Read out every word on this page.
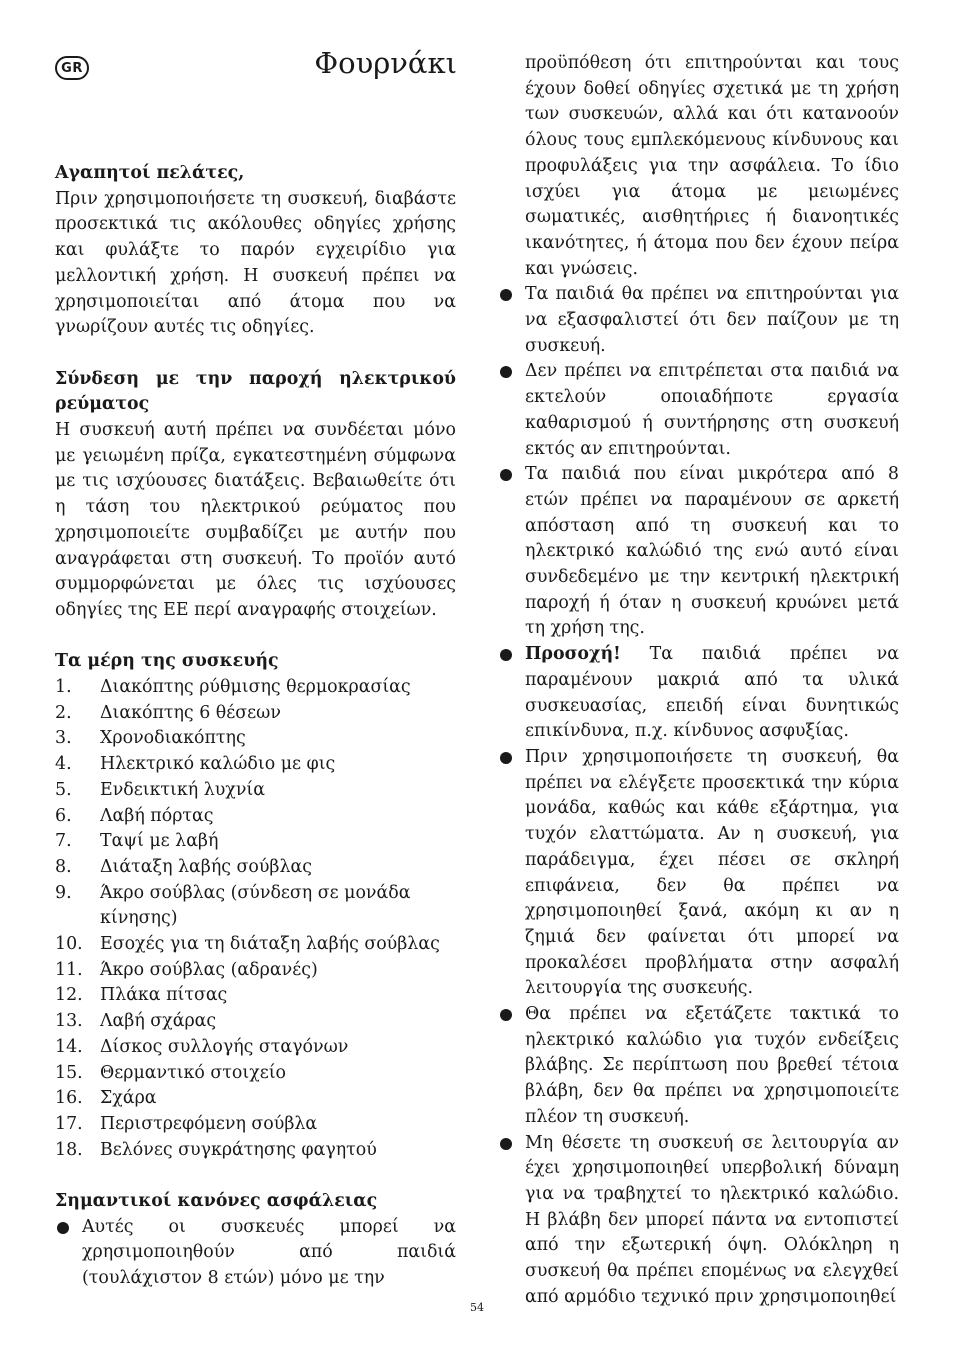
GR	Φουρνάκι

Αγαπητοί πελάτες,

Πριν χρησιμοποιήσετε τη συσκευή, διαβάστε προσεκτικά τις ακόλουθες οδηγίες χρήσης και φυλάξτε το παρόν εγχειρίδιο για μελλοντική χρήση. Η συσκευή πρέπει να χρησιμοποιείται από άτομα που να γνωρίζουν αυτές τις οδηγίες.

Σύνδεση με την παροχή ηλεκτρικού ρεύματος

Η συσκευή αυτή πρέπει να συνδέεται μόνο με γειωμένη πρίζα, εγκατεστημένη σύμφωνα με τις ισχύουσες διατάξεις. Βεβαιωθείτε ότι η τάση του ηλεκτρικού ρεύματος που χρησιμοποιείτε συμβαδίζει με αυτήν που αναγράφεται στη συσκευή. Το προϊόν αυτό συμμορφώνεται με όλες τις ισχύουσες οδηγίες της ΕΕ περί αναγραφής στοιχείων.

Τα μέρη της συσκευής

1.	Διακόπτης ρύθμισης θερμοκρασίας
2.	Διακόπτης 6 θέσεων
3.	Χρονοδιακόπτης
4.	Ηλεκτρικό καλώδιο με φις
5.	Ενδεικτική λυχνία
6.	Λαβή πόρτας
7.	Ταψί με λαβή
8.	Διάταξη λαβής σούβλας
9.	Άκρο σούβλας (σύνδεση σε μονάδα κίνησης)
10. Εσοχές για τη διάταξη λαβής σούβλας
11. Άκρο σούβλας (αδρανές)
12. Πλάκα πίτσας
13. Λαβή σχάρας
14. Δίσκος συλλογής σταγόνων
15. Θερμαντικό στοιχείο
16. Σχάρα
17. Περιστρεφόμενη σούβλα
18. Βελόνες συγκράτησης φαγητού

Σημαντικοί κανόνες ασφάλειας

Αυτές οι συσκευές μπορεί να χρησιμοποιηθούν από παιδιά (τουλάχιστον 8 ετών) μόνο με την
προϋπόθεση ότι επιτηρούνται και τους έχουν δοθεί οδηγίες σχετικά με τη χρήση των συσκευών, αλλά και ότι κατανοούν όλους τους εμπλεκόμενους κίνδυνους και προφυλάξεις για την ασφάλεια. Το ίδιο ισχύει για άτομα με μειωμένες σωματικές, αισθητήριες ή διανοητικές ικανότητες, ή άτομα που δεν έχουν πείρα και γνώσεις.
Τα παιδιά θα πρέπει να επιτηρούνται για να εξασφαλιστεί ότι δεν παίζουν με τη συσκευή.
Δεν πρέπει να επιτρέπεται στα παιδιά να εκτελούν οποιαδήποτε εργασία καθαρισμού ή συντήρησης στη συσκευή εκτός αν επιτηρούνται.
Τα παιδιά που είναι μικρότερα από 8 ετών πρέπει να παραμένουν σε αρκετή απόσταση από τη συσκευή και το ηλεκτρικό καλώδιό της ενώ αυτό είναι συνδεδεμένο με την κεντρική ηλεκτρική παροχή ή όταν η συσκευή κρυώνει μετά τη χρήση της.
Προσοχή! Τα παιδιά πρέπει να παραμένουν μακριά από τα υλικά συσκευασίας, επειδή είναι δυνητικώς επικίνδυνα, π.χ. κίνδυνος ασφυξίας.
Πριν χρησιμοποιήσετε τη συσκευή, θα πρέπει να ελέγξετε προσεκτικά την κύρια μονάδα, καθώς και κάθε εξάρτημα, για τυχόν ελαττώματα. Αν η συσκευή, για παράδειγμα, έχει πέσει σε σκληρή επιφάνεια, δεν θα πρέπει να χρησιμοποιηθεί ξανά, ακόμη κι αν η ζημιά δεν φαίνεται ότι μπορεί να προκαλέσει προβλήματα στην ασφαλή λειτουργία της συσκευής.
Θα πρέπει να εξετάζετε τακτικά το ηλεκτρικό καλώδιο για τυχόν ενδείξεις βλάβης. Σε περίπτωση που βρεθεί τέτοια βλάβη, δεν θα πρέπει να χρησιμοποιείτε πλέον τη συσκευή.
Μη θέσετε τη συσκευή σε λειτουργία αν έχει χρησιμοποιηθεί υπερβολική δύναμη για να τραβηχτεί το ηλεκτρικό καλώδιο. Η βλάβη δεν μπορεί πάντα να εντοπιστεί από την εξωτερική όψη. Ολόκληρη η συσκευή θα πρέπει επομένως να ελεγχθεί από αρμόδιο τεχνικό πριν χρησιμοποιηθεί
54
